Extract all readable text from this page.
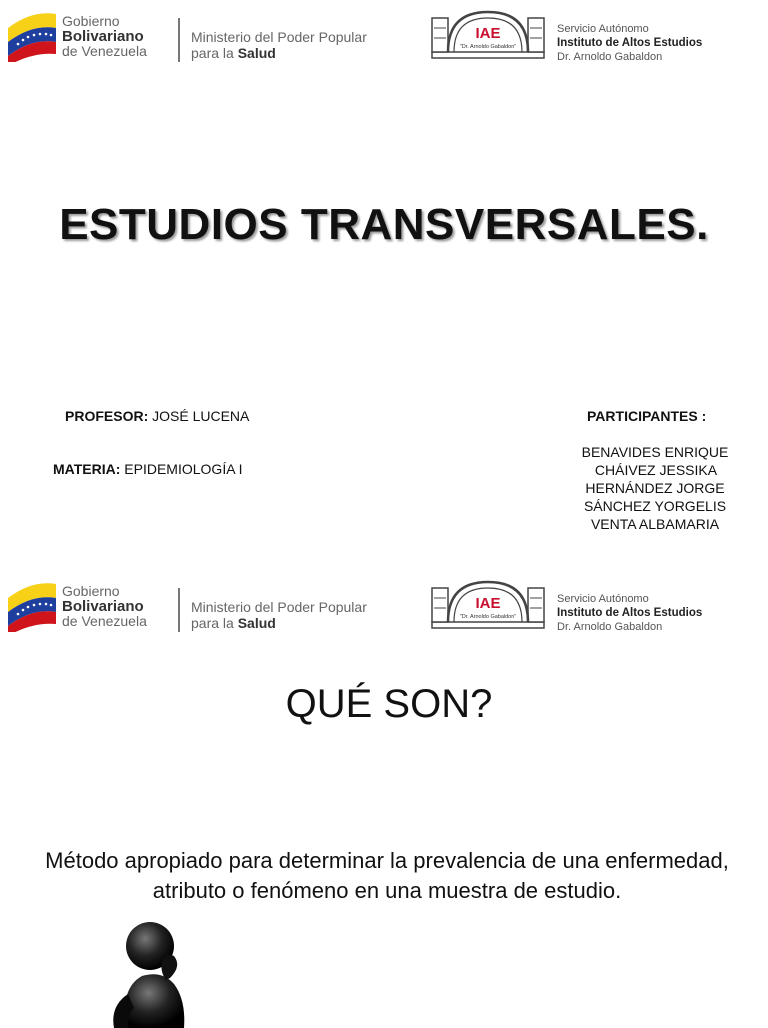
Gobierno
Bolivariano
de Venezuela
Ministerio del Poder Popular
para la Salud
IAE
"Dr. Arnoldo Gabaldon"
Servicio Autónomo
Instituto de Altos Estudios
Dr. Arnoldo Gabaldon
ESTUDIOS TRANSVERSALES.
PROFESOR: JOSÉ LUCENA
MATERIA: EPIDEMIOLOGÍA I
PARTICIPANTES :
BENAVIDES ENRIQUE
CHÁIVEZ JESSIKA
HERNÁNDEZ JORGE
SÁNCHEZ YORGELIS
VENTA ALBAMARIA
Gobierno
Bolivariano
de Venezuela
Ministerio del Poder Popular
para la Salud
IAE
"Dr. Arnoldo Gabaldon"
Servicio Autónomo
Instituto de Altos Estudios
Dr. Arnoldo Gabaldon
QUÉ SON?
Método apropiado para determinar la prevalencia de una enfermedad, atributo o fenómeno en una muestra de estudio.
